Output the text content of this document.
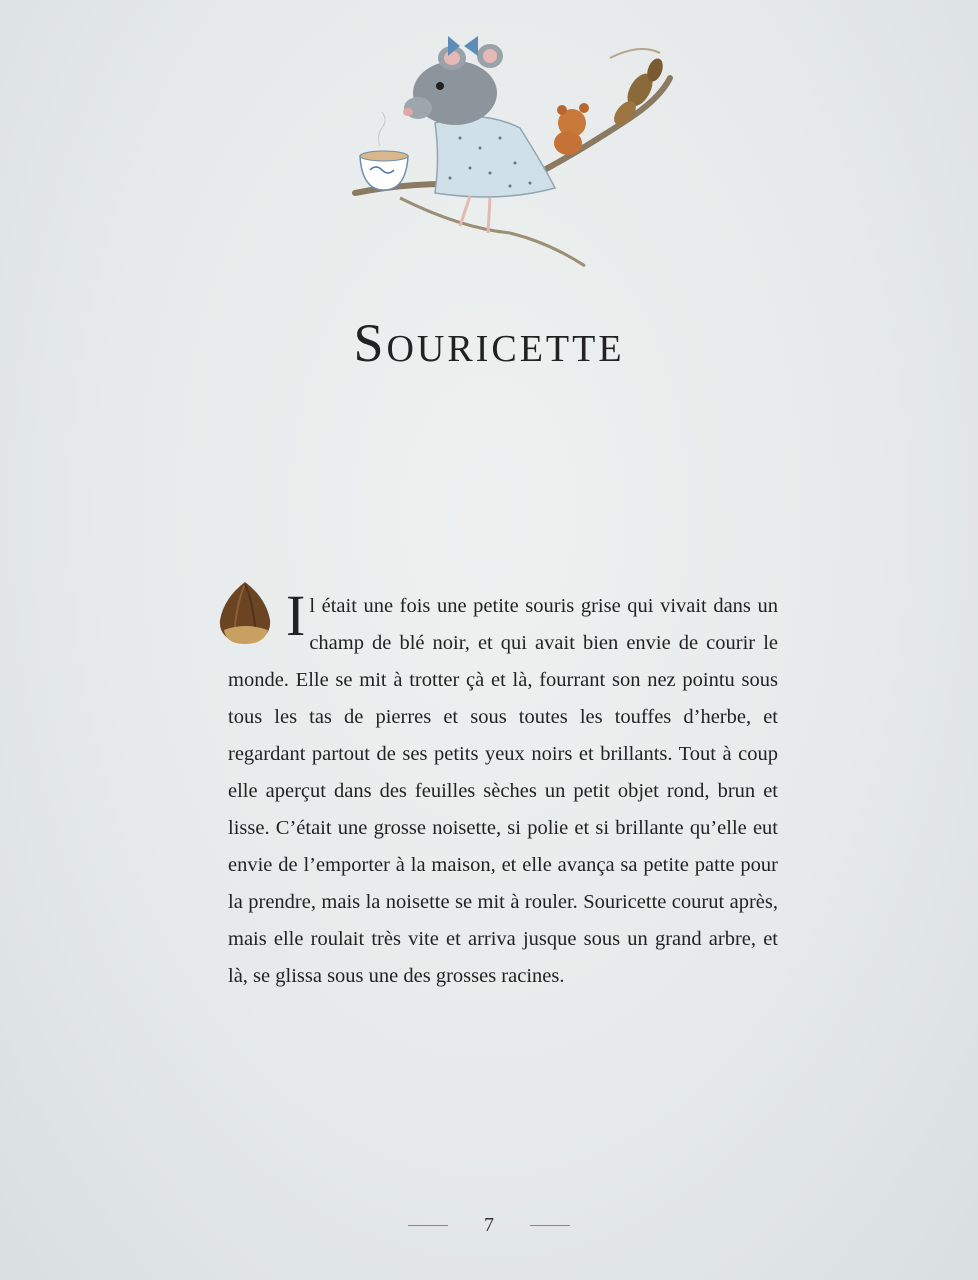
Souricette

Il était une fois une petite souris grise qui vivait dans un champ de blé noir, et qui avait bien envie de courir le monde. Elle se mit à trotter çà et là, fourrant son nez pointu sous tous les tas de pierres et sous toutes les touffes d’herbe, et regardant partout de ses petits yeux noirs et brillants. Tout à coup elle aperçut dans des feuilles sèches un petit objet rond, brun et lisse. C’était une grosse noisette, si polie et si brillante qu’elle eut envie de l’emporter à la maison, et elle avança sa petite patte pour la prendre, mais la noisette se mit à rouler. Souricette courut après, mais elle roulait très vite et arriva jusque sous un grand arbre, et là, se glissa sous une des grosses racines.

7
